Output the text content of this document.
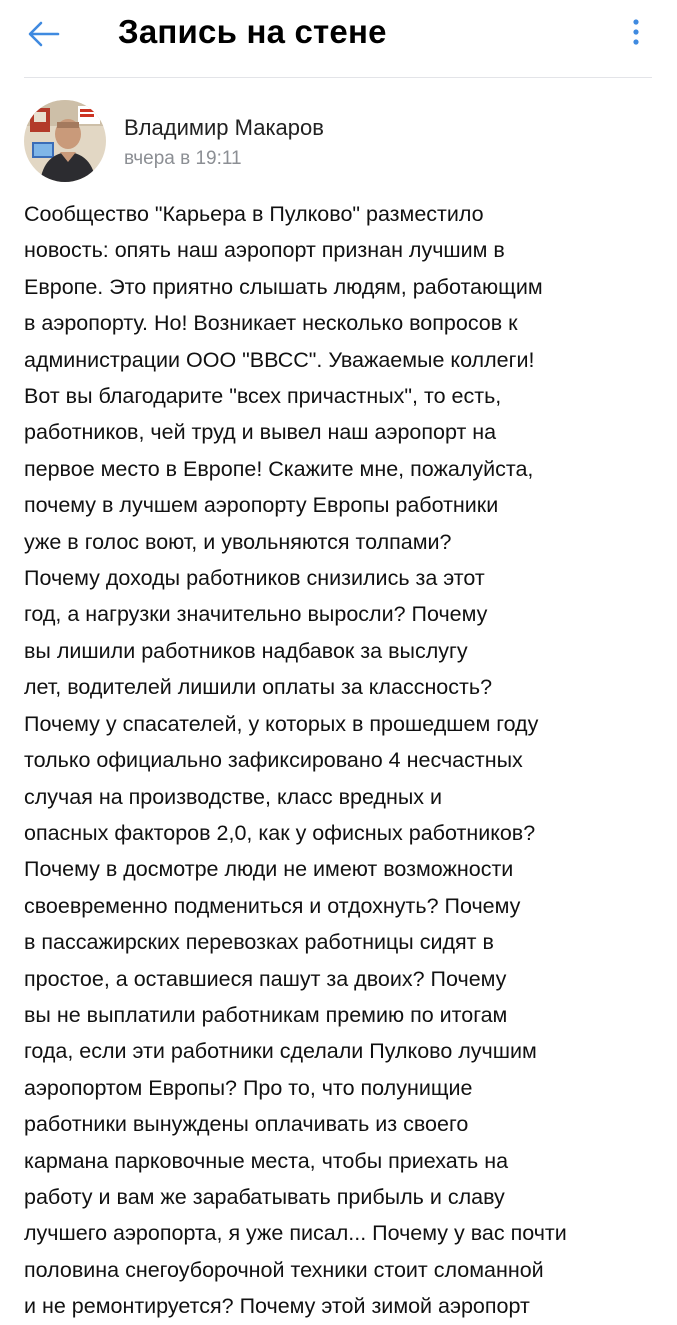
Запись на стене
Владимир Макаров
вчера в 19:11
Сообщество "Карьера в Пулково" разместило
новость: опять наш аэропорт признан лучшим в
Европе. Это приятно слышать людям, работающим
в аэропорту. Но! Возникает несколько вопросов к
администрации ООО "ВВСС". Уважаемые коллеги!
Вот вы благодарите "всех причастных", то есть,
работников, чей труд и вывел наш аэропорт на
первое место в Европе! Скажите мне, пожалуйста,
почему в лучшем аэропорту Европы работники
уже в голос воют, и увольняются толпами?
Почему доходы работников снизились за этот
год, а нагрузки значительно выросли? Почему
вы лишили работников надбавок за выслугу
лет, водителей лишили оплаты за классность?
Почему у спасателей, у которых в прошедшем году
только официально зафиксировано 4 несчастных
случая на производстве, класс вредных и
опасных факторов 2,0, как у офисных работников?
Почему в досмотре люди не имеют возможности
своевременно подмениться и отдохнуть? Почему
в пассажирских перевозках работницы сидят в
простое, а оставшиеся пашут за двоих? Почему
вы не выплатили работникам премию по итогам
года, если эти работники сделали Пулково лучшим
аэропортом Европы? Про то, что полунищие
работники вынуждены оплачивать из своего
кармана парковочные места, чтобы приехать на
работу и вам же зарабатывать прибыль и славу
лучшего аэропорта, я уже писал... Почему у вас почти
половина снегоуборочной техники стоит сломанной
и не ремонтируется? Почему этой зимой аэропорт
